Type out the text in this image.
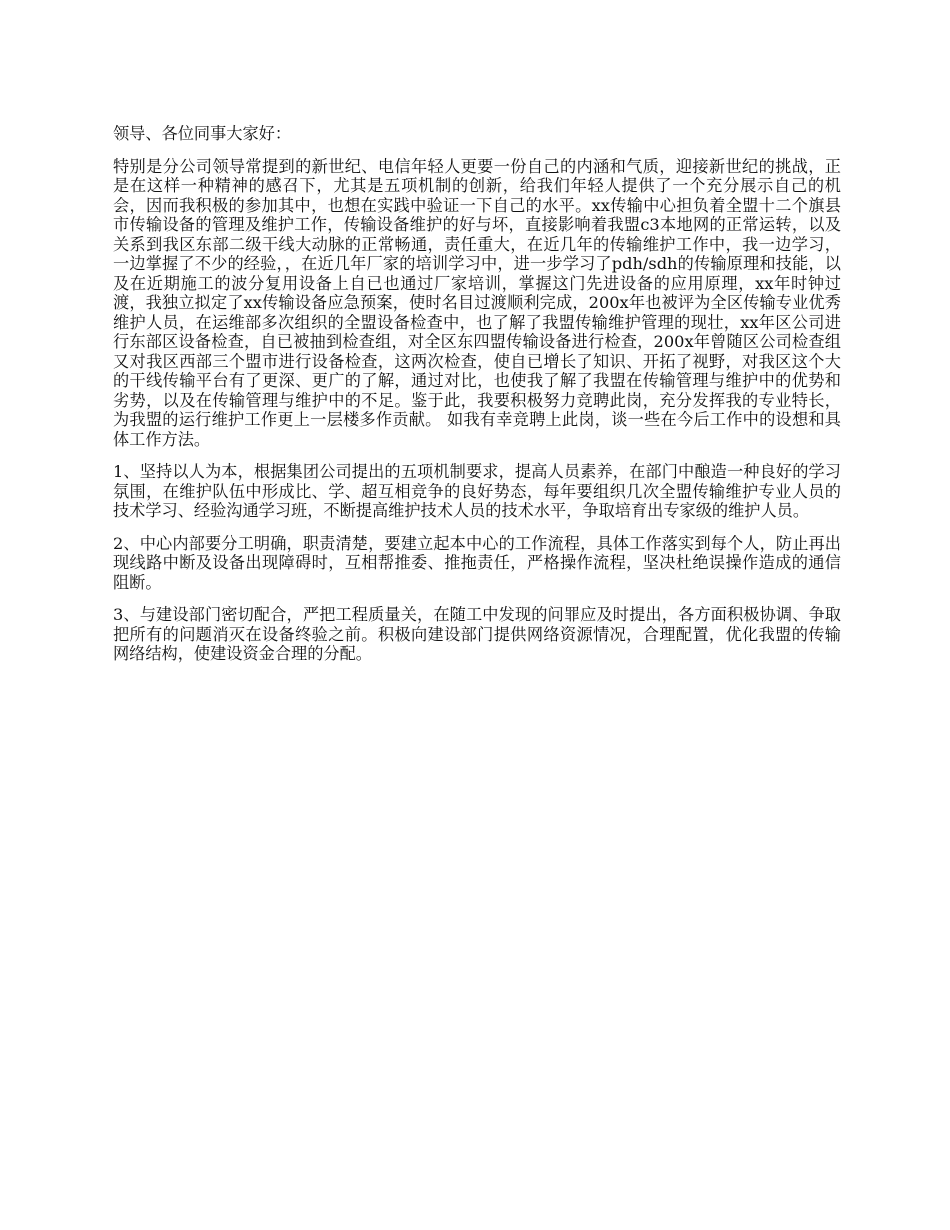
领导、各位同事大家好：

特别是分公司领导常提到的新世纪、电信年轻人更要一份自己的内涵和气质，迎接新世纪的挑战，正是在这样一种精神的感召下，尤其是五项机制的创新，给我们年轻人提供了一个充分展示自己的机会，因而我积极的参加其中，也想在实践中验证一下自己的水平。xx传输中心担负着全盟十二个旗县市传输设备的管理及维护工作，传输设备维护的好与坏，直接影响着我盟c3本地网的正常运转，以及关系到我区东部二级干线大动脉的正常畅通，责任重大，在近几年的传输维护工作中，我一边学习，一边掌握了不少的经验，，在近几年厂家的培训学习中，进一步学习了pdh/sdh的传输原理和技能，以及在近期施工的波分复用设备上自已也通过厂家培训，掌握这门先进设备的应用原理，xx年时钟过渡，我独立拟定了xx传输设备应急预案，使时名目过渡顺利完成，200x年也被评为全区传输专业优秀维护人员，在运维部多次组织的全盟设备检查中，也了解了我盟传输维护管理的现壮，xx年区公司进行东部区设备检查，自已被抽到检查组，对全区东四盟传输设备进行检查，200x年曾随区公司检查组又对我区西部三个盟市进行设备检查，这两次检查，使自已增长了知识、开拓了视野，对我区这个大的干线传输平台有了更深、更广的了解，通过对比，也使我了解了我盟在传输管理与维护中的优势和劣势，以及在传输管理与维护中的不足。鉴于此，我要积极努力竞聘此岗，充分发挥我的专业特长，为我盟的运行维护工作更上一层楼多作贡献。 如我有幸竞聘上此岗，谈一些在今后工作中的设想和具体工作方法。

1、坚持以人为本，根据集团公司提出的五项机制要求，提高人员素养，在部门中酿造一种良好的学习氛围，在维护队伍中形成比、学、超互相竞争的良好势态，每年要组织几次全盟传输维护专业人员的技术学习、经验沟通学习班，不断提高维护技术人员的技术水平，争取培育出专家级的维护人员。

2、中心内部要分工明确，职责清楚，要建立起本中心的工作流程，具体工作落实到每个人，防止再出现线路中断及设备出现障碍时，互相帮推委、推拖责任，严格操作流程，坚决杜绝误操作造成的通信阻断。

3、与建设部门密切配合，严把工程质量关，在随工中发现的问罪应及时提出，各方面积极协调、争取把所有的问题消灭在设备终验之前。积极向建设部门提供网络资源情况，合理配置，优化我盟的传输网络结构，使建设资金合理的分配。
